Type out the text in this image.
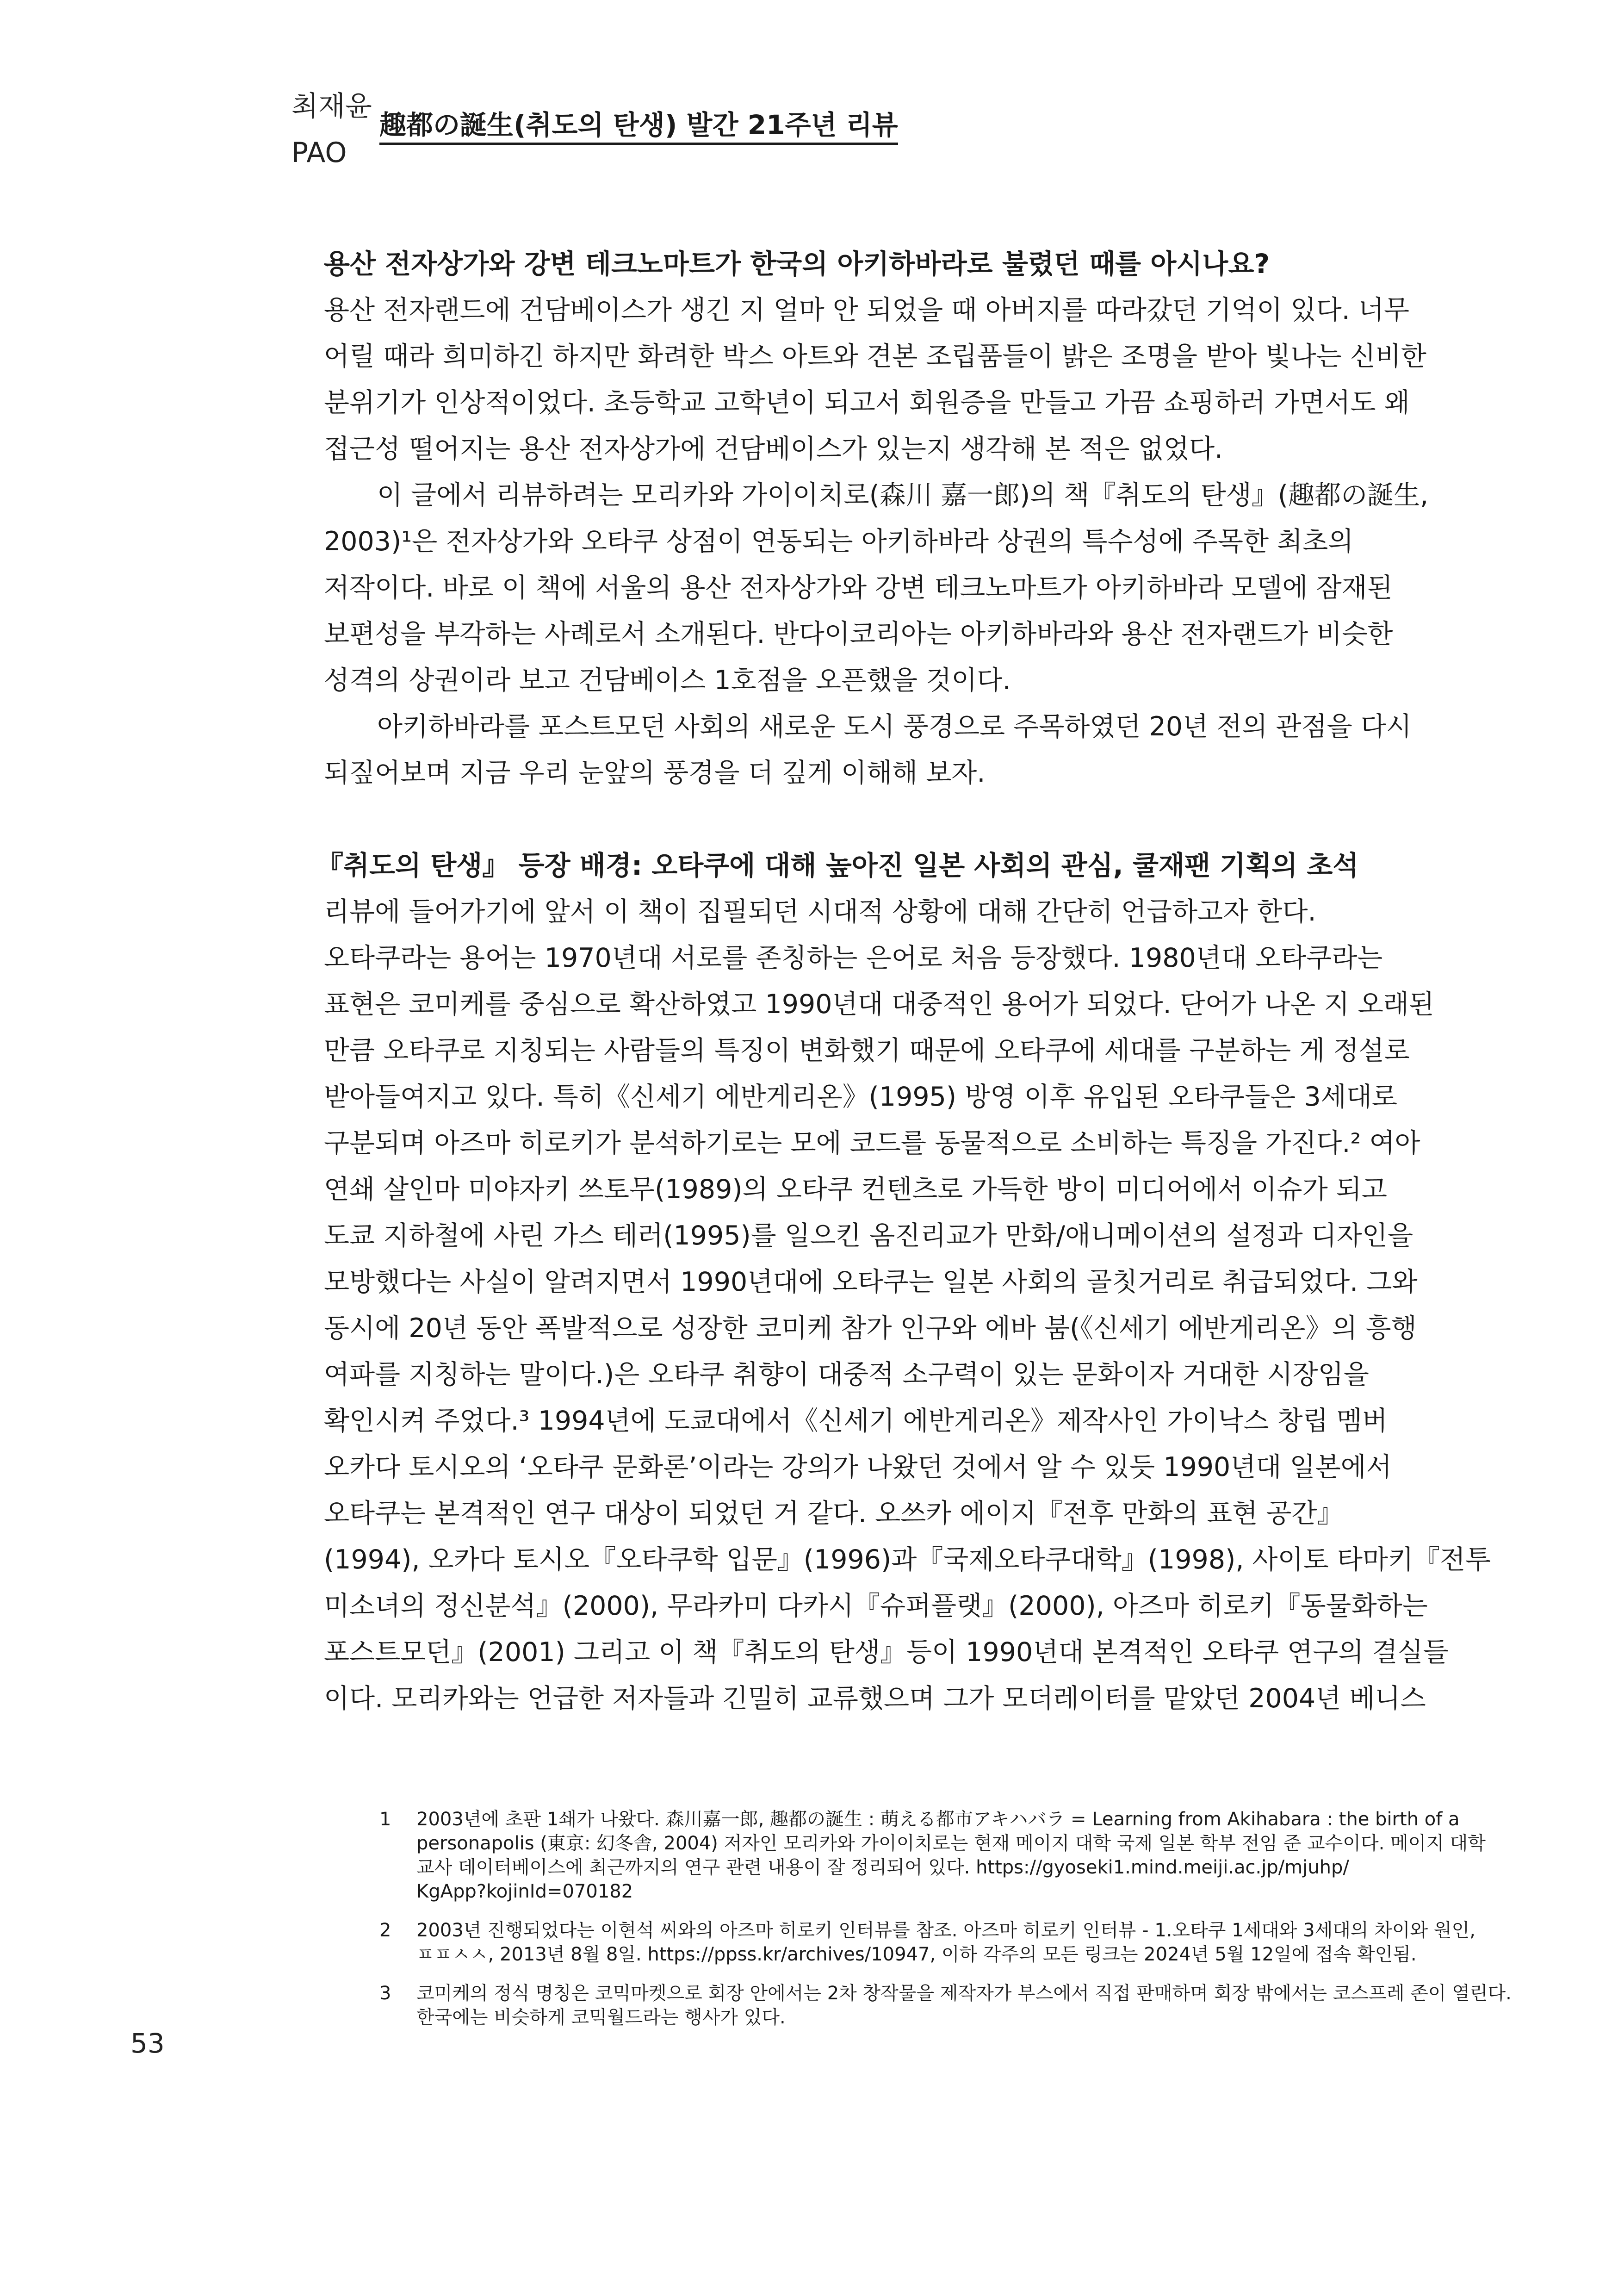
최재윤
PAO
趣都の誕生(취도의 탄생) 발간 21주년 리뷰
용산 전자상가와 강변 테크노마트가 한국의 아키하바라로 불렸던 때를 아시나요?

용산 전자랜드에 건담베이스가 생긴 지 얼마 안 되었을 때 아버지를 따라갔던 기억이 있다. 너무
어릴 때라 희미하긴 하지만 화려한 박스 아트와 견본 조립품들이 밝은 조명을 받아 빛나는 신비한
분위기가 인상적이었다. 초등학교 고학년이 되고서 회원증을 만들고 가끔 쇼핑하러 가면서도 왜
접근성 떨어지는 용산 전자상가에 건담베이스가 있는지 생각해 본 적은 없었다.

이 글에서 리뷰하려는 모리카와 가이이치로(森川 嘉一郎)의 책『취도의 탄생』(趣都の誕生,
2003)¹은 전자상가와 오타쿠 상점이 연동되는 아키하바라 상권의 특수성에 주목한 최초의
저작이다. 바로 이 책에 서울의 용산 전자상가와 강변 테크노마트가 아키하바라 모델에 잠재된
보편성을 부각하는 사례로서 소개된다. 반다이코리아는 아키하바라와 용산 전자랜드가 비슷한
성격의 상권이라 보고 건담베이스 1호점을 오픈했을 것이다.

아키하바라를 포스트모던 사회의 새로운 도시 풍경으로 주목하였던 20년 전의 관점을 다시
되짚어보며 지금 우리 눈앞의 풍경을 더 깊게 이해해 보자.

『취도의 탄생』 등장 배경: 오타쿠에 대해 높아진 일본 사회의 관심, 쿨재팬 기획의 초석

리뷰에 들어가기에 앞서 이 책이 집필되던 시대적 상황에 대해 간단히 언급하고자 한다.

오타쿠라는 용어는 1970년대 서로를 존칭하는 은어로 처음 등장했다. 1980년대 오타쿠라는
표현은 코미케를 중심으로 확산하였고 1990년대 대중적인 용어가 되었다. 단어가 나온 지 오래된
만큼 오타쿠로 지칭되는 사람들의 특징이 변화했기 때문에 오타쿠에 세대를 구분하는 게 정설로
받아들여지고 있다. 특히《신세기 에반게리온》(1995) 방영 이후 유입된 오타쿠들은 3세대로
구분되며 아즈마 히로키가 분석하기로는 모에 코드를 동물적으로 소비하는 특징을 가진다.² 여아
연쇄 살인마 미야자키 쓰토무(1989)의 오타쿠 컨텐츠로 가득한 방이 미디어에서 이슈가 되고
도쿄 지하철에 사린 가스 테러(1995)를 일으킨 옴진리교가 만화/애니메이션의 설정과 디자인을
모방했다는 사실이 알려지면서 1990년대에 오타쿠는 일본 사회의 골칫거리로 취급되었다. 그와
동시에 20년 동안 폭발적으로 성장한 코미케 참가 인구와 에바 붐(《신세기 에반게리온》의 흥행
여파를 지칭하는 말이다.)은 오타쿠 취향이 대중적 소구력이 있는 문화이자 거대한 시장임을
확인시켜 주었다.³ 1994년에 도쿄대에서《신세기 에반게리온》제작사인 가이낙스 창립 멤버
오카다 토시오의 ‘오타쿠 문화론’이라는 강의가 나왔던 것에서 알 수 있듯 1990년대 일본에서
오타쿠는 본격적인 연구 대상이 되었던 거 같다. 오쓰카 에이지『전후 만화의 표현 공간』
(1994), 오카다 토시오『오타쿠학 입문』(1996)과『국제오타쿠대학』(1998), 사이토 타마키『전투
미소녀의 정신분석』(2000), 무라카미 다카시『슈퍼플랫』(2000), 아즈마 히로키『동물화하는
포스트모던』(2001) 그리고 이 책『취도의 탄생』등이 1990년대 본격적인 오타쿠 연구의 결실들
이다. 모리카와는 언급한 저자들과 긴밀히 교류했으며 그가 모더레이터를 맡았던 2004년 베니스

1 2003년에 초판 1쇄가 나왔다. 森川嘉一郎, 趣都の誕生 : 萌える都市アキハバラ = Learning from Akihabara : the birth of a
personapolis (東京: 幻冬舎, 2004) 저자인 모리카와 가이이치로는 현재 메이지 대학 국제 일본 학부 전임 준 교수이다. 메이지 대학
교사 데이터베이스에 최근까지의 연구 관련 내용이 잘 정리되어 있다. https://gyoseki1.mind.meiji.ac.jp/mjuhp/
KgApp?kojinId=070182
2 2003년 진행되었다는 이현석 씨와의 아즈마 히로키 인터뷰를 참조. 아즈마 히로키 인터뷰 - 1.오타쿠 1세대와 3세대의 차이와 원인,
ㅍㅍㅅㅅ, 2013년 8월 8일. https://ppss.kr/archives/10947, 이하 각주의 모든 링크는 2024년 5월 12일에 접속 확인됨.
3 코미케의 정식 명칭은 코믹마켓으로 회장 안에서는 2차 창작물을 제작자가 부스에서 직접 판매하며 회장 밖에서는 코스프레 존이 열린다.
한국에는 비슷하게 코믹월드라는 행사가 있다.
53
